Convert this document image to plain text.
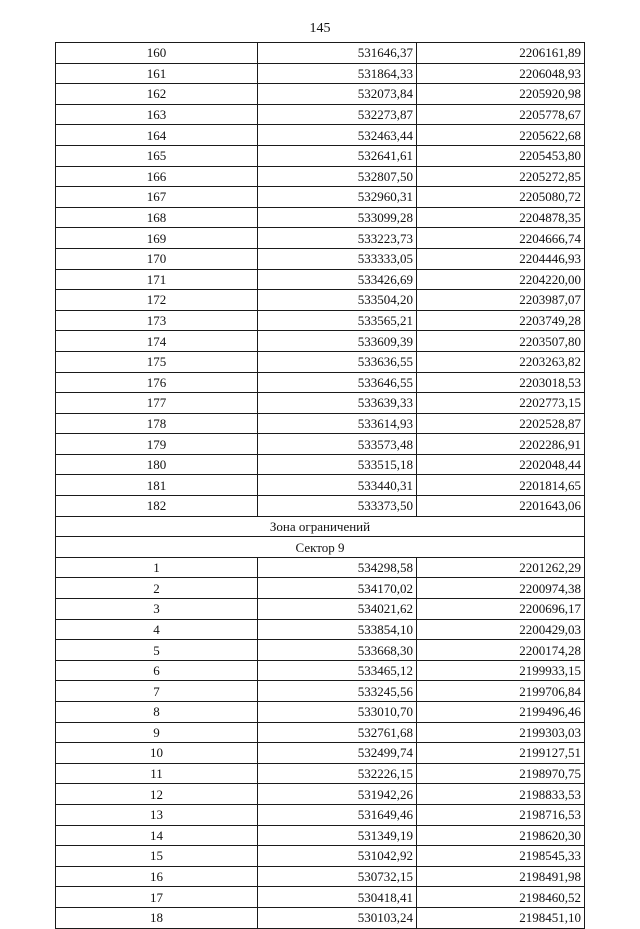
145
160	531646,37	2206161,89
161	531864,33	2206048,93
162	532073,84	2205920,98
163	532273,87	2205778,67
164	532463,44	2205622,68
165	532641,61	2205453,80
166	532807,50	2205272,85
167	532960,31	2205080,72
168	533099,28	2204878,35
169	533223,73	2204666,74
170	533333,05	2204446,93
171	533426,69	2204220,00
172	533504,20	2203987,07
173	533565,21	2203749,28
174	533609,39	2203507,80
175	533636,55	2203263,82
176	533646,55	2203018,53
177	533639,33	2202773,15
178	533614,93	2202528,87
179	533573,48	2202286,91
180	533515,18	2202048,44
181	533440,31	2201814,65
182	533373,50	2201643,06
Зона ограничений		
Сектор 9		
1	534298,58	2201262,29
2	534170,02	2200974,38
3	534021,62	2200696,17
4	533854,10	2200429,03
5	533668,30	2200174,28
6	533465,12	2199933,15
7	533245,56	2199706,84
8	533010,70	2199496,46
9	532761,68	2199303,03
10	532499,74	2199127,51
11	532226,15	2198970,75
12	531942,26	2198833,53
13	531649,46	2198716,53
14	531349,19	2198620,30
15	531042,92	2198545,33
16	530732,15	2198491,98
17	530418,41	2198460,52
18	530103,24	2198451,10
